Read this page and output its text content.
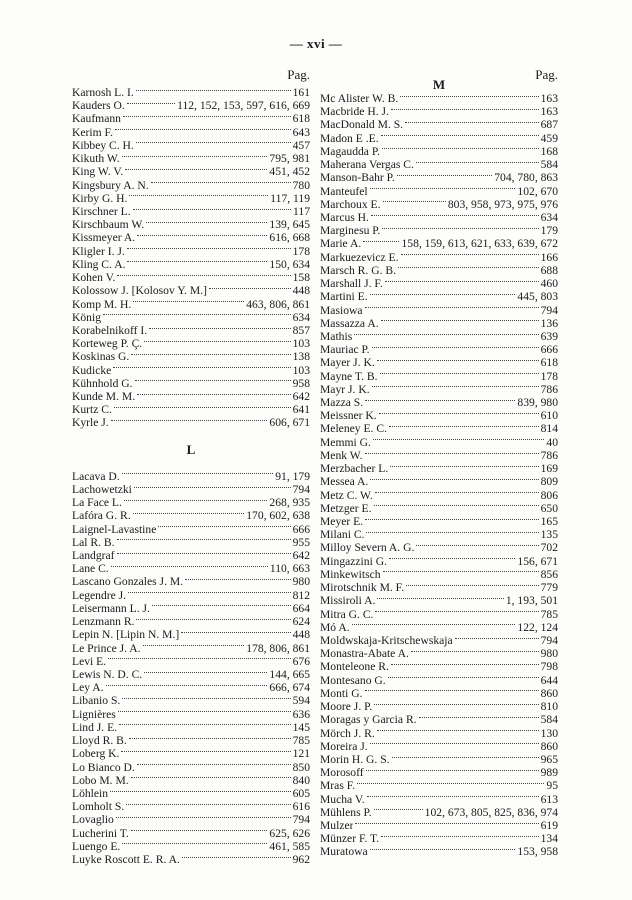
— xvi —
Pag.
Karnosh L. I.	161
Kauders O.	112, 152, 153, 597, 616, 669
Kaufmann	618
Kerim F.	643
Kibbey C. H.	457
Kikuth W.	795, 981
King W. V.	451, 452
Kingsbury A. N.	780
Kirby G. H.	117, 119
Kirschner L.	117
Kirschbaum W.	139, 645
Kissmeyer A.	616, 668
Kligler I. J.	178
Kling C. A.	150, 634
Kohen V.	158
Kolossow J. [Kolosov Y. M.]	448
Komp M. H.	463, 806, 861
König	634
Korabelnikoff I.	857
Korteweg P. Ç.	103
Koskinas G.	138
Kudicke	103
Kühnhold G.	958
Kunde M. M.	642
Kurtz C.	641
Kyrle J.	606, 671
L
Lacava D.	91, 179
Lachowetzki	794
La Face L.	268, 935
Lafóra G. R.	170, 602, 638
Laignel-Lavastine	666
Lal R. B.	955
Landgraf	642
Lane C.	110, 663
Lascano Gonzales J. M.	980
Legendre J.	812
Leisermann L. J.	664
Lenzmann R.	624
Lepin N. [Lipin N. M.]	448
Le Prince J. A.	178, 806, 861
Levi E.	676
Lewis N. D. C.	144, 665
Ley A.	666, 674
Libanio S.	594
Lignières	636
Lind J. E.	145
Lloyd R. B.	785
Loberg K.	121
Lo Bianco D.	850
Lobo M. M.	840
Löhlein	605
Lomholt S.	616
Lovaglio	794
Lucherini T.	625, 626
Luengo E.	461, 585
Luyke Roscott E. R. A.	962
Pag.
M
Mc Alister W. B.	163
Macbride H. J.	163
MacDonald M. S.	687
Madon E .E.	459
Magaudda P.	168
Maherana Vergas C.	584
Manson-Bahr P.	704, 780, 863
Manteufel	102, 670
Marchoux E.	803, 958, 973, 975, 976
Marcus H.	634
Marginesu P.	179
Marie A.	158, 159, 613, 621, 633, 639, 672
Markuezevicz E.	166
Marsch R. G. B.	688
Marshall J. F.	460
Martini E.	445, 803
Masiowa	794
Massazza A.	136
Mathis	639
Mauriac P.	666
Mayer J. K.	618
Mayne T. B.	178
Mayr J. K.	786
Mazza S.	839, 980
Meissner K.	610
Meleney E. C.	814
Memmi G.	40
Menk W.	786
Merzbacher L.	169
Messea A.	809
Metz C. W.	806
Metzger E.	650
Meyer E.	165
Milani C.	135
Milloy Severn A. G.	702
Mingazzini G.	156, 671
Minkewitsch	856
Mirotschnik M. F.	779
Missiroli A.	1, 193, 501
Mitra G. C.	785
Mó A.	122, 124
Moldwskaja-Kritschewskaja	794
Monastra-Abate A.	980
Monteleone R.	798
Montesano G.	644
Monti G.	860
Moore J. P.	810
Moragas y Garcia R.	584
Mörch J. R.	130
Moreira J.	860
Morin H. G. S.	965
Morosoff	989
Mras F.	95
Mucha V.	613
Mühlens P.	102, 673, 805, 825, 836, 974
Mulzer	619
Münzer F. T.	134
Muratowa	153, 958
